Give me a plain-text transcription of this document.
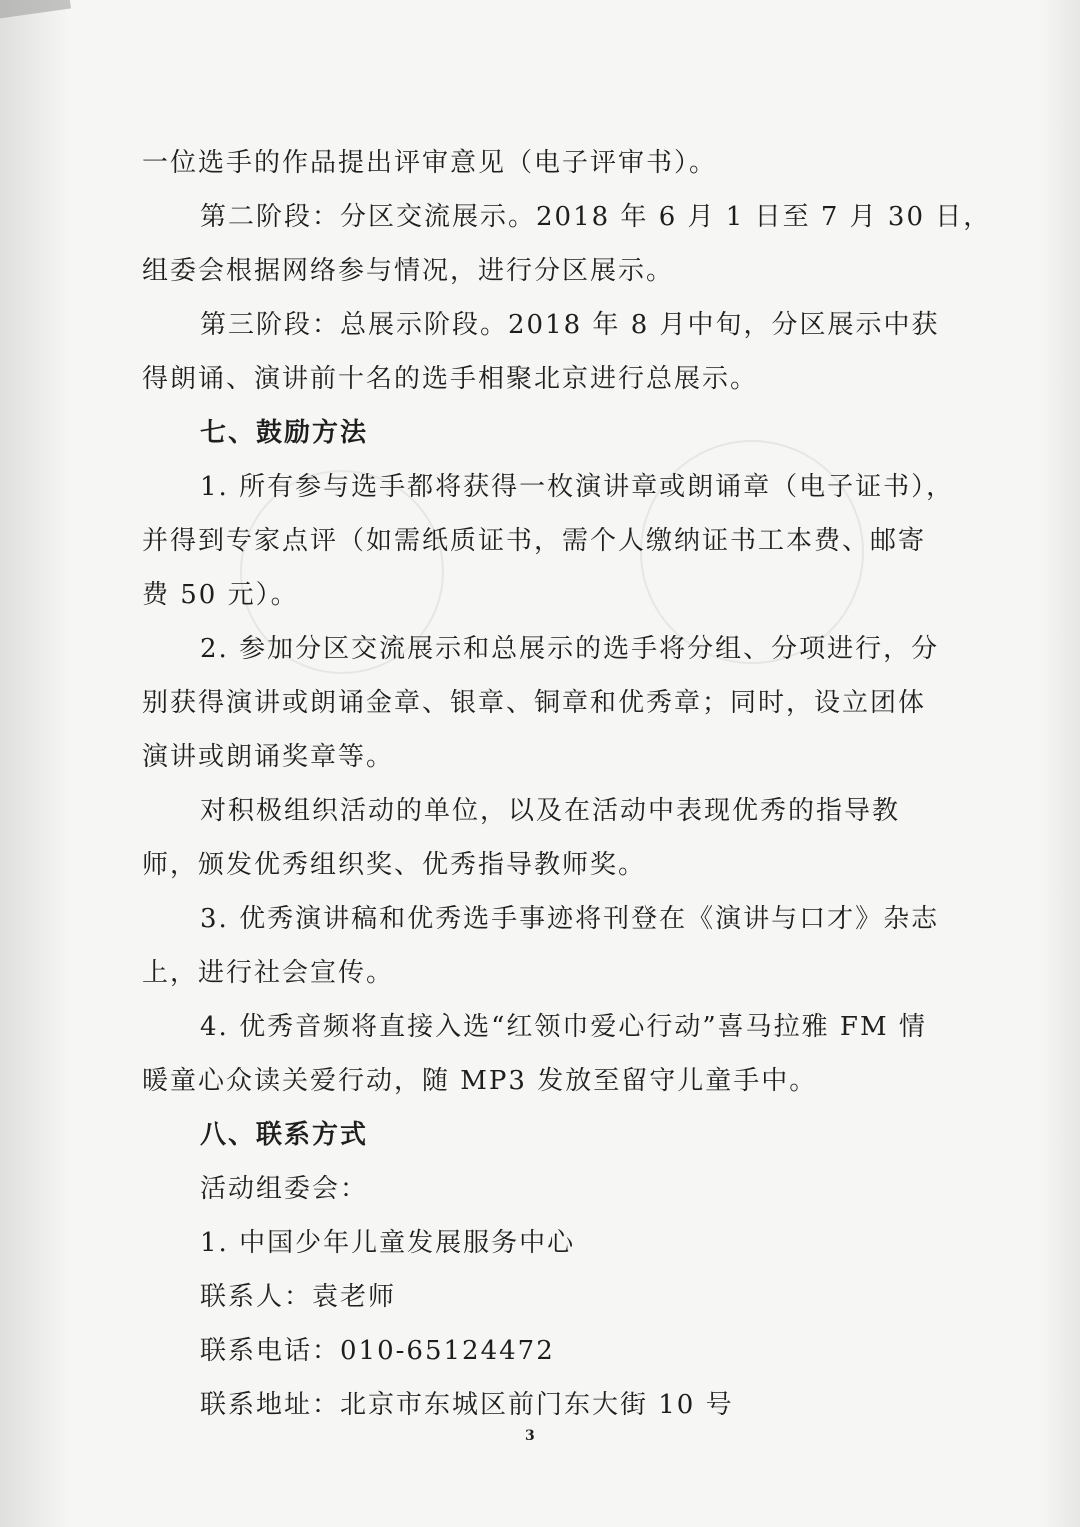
一位选手的作品提出评审意见（电子评审书）。
第二阶段：分区交流展示。2018 年 6 月 1 日至 7 月 30 日，
组委会根据网络参与情况，进行分区展示。
第三阶段：总展示阶段。2018 年 8 月中旬，分区展示中获
得朗诵、演讲前十名的选手相聚北京进行总展示。
七、鼓励方法
1. 所有参与选手都将获得一枚演讲章或朗诵章（电子证书），
并得到专家点评（如需纸质证书，需个人缴纳证书工本费、邮寄
费 50 元）。
2. 参加分区交流展示和总展示的选手将分组、分项进行，分
别获得演讲或朗诵金章、银章、铜章和优秀章；同时，设立团体
演讲或朗诵奖章等。
对积极组织活动的单位，以及在活动中表现优秀的指导教
师，颁发优秀组织奖、优秀指导教师奖。
3. 优秀演讲稿和优秀选手事迹将刊登在《演讲与口才》杂志
上，进行社会宣传。
4. 优秀音频将直接入选“红领巾爱心行动”喜马拉雅 FM 情
暖童心众读关爱行动，随 MP3 发放至留守儿童手中。
八、联系方式
活动组委会：
1. 中国少年儿童发展服务中心
联系人：袁老师
联系电话：010-65124472
联系地址：北京市东城区前门东大街 10 号
3
